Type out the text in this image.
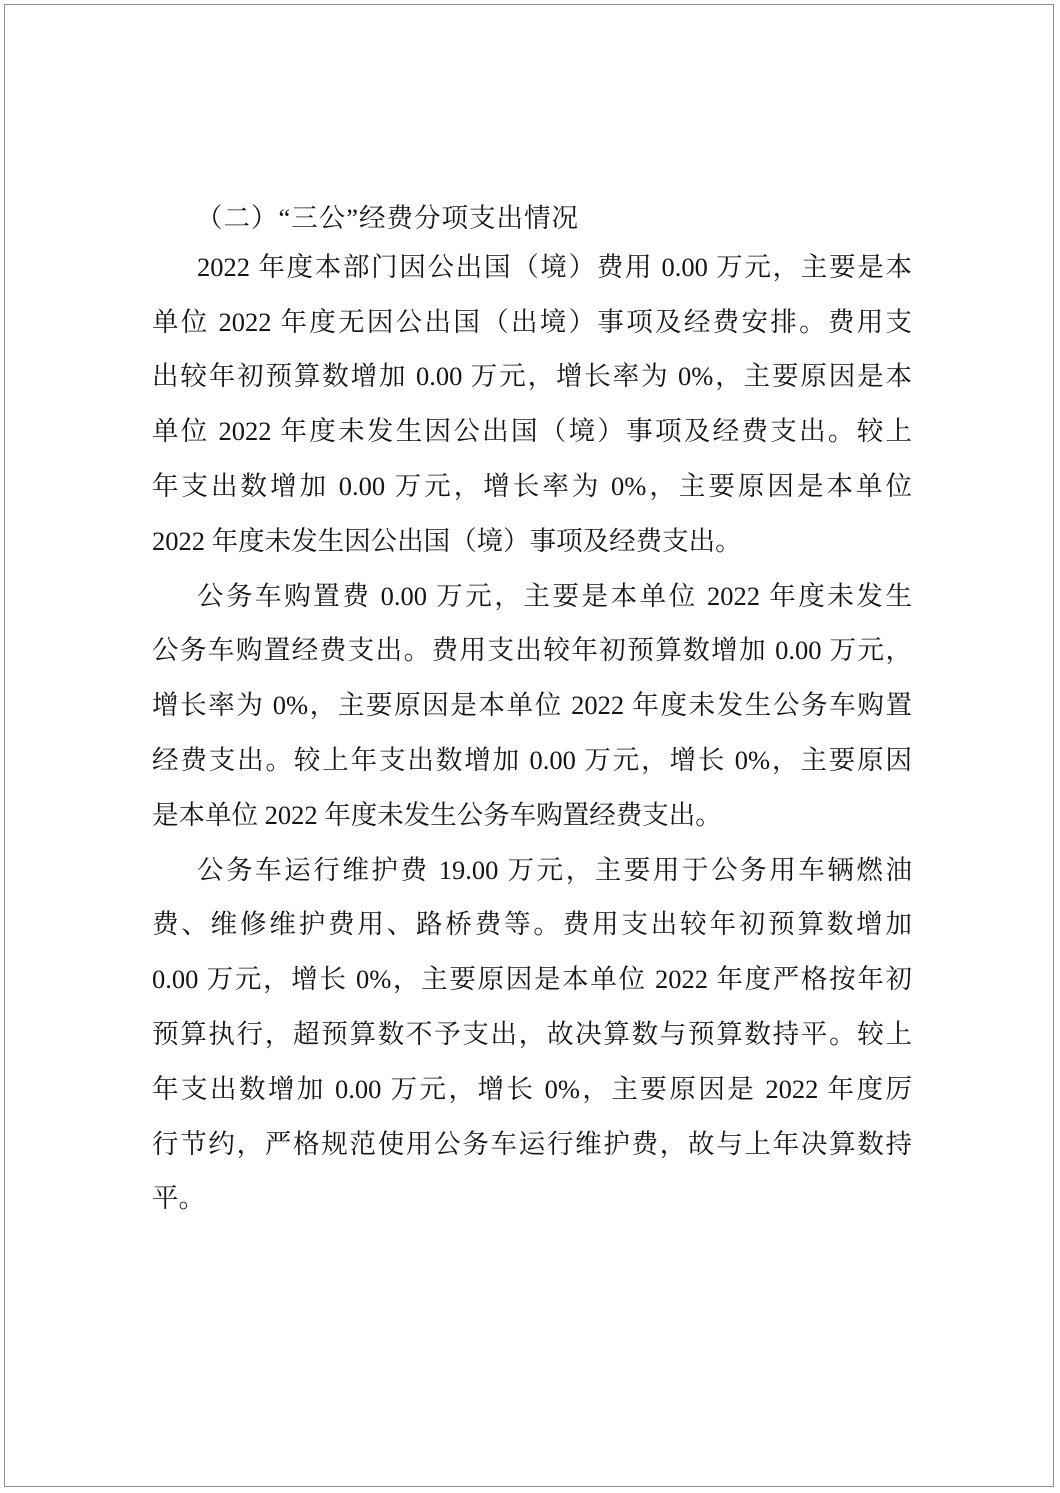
（二）“三公”经费分项支出情况
2022 年度本部门因公出国（境）费用 0.00 万元，主要是本
单位 2022 年度无因公出国（出境）事项及经费安排。费用支
出较年初预算数增加 0.00 万元，增长率为 0%，主要原因是本
单位 2022 年度未发生因公出国（境）事项及经费支出。较上
年支出数增加 0.00 万元，增长率为 0%，主要原因是本单位
2022 年度未发生因公出国（境）事项及经费支出。
公务车购置费 0.00 万元，主要是本单位 2022 年度未发生
公务车购置经费支出。费用支出较年初预算数增加 0.00 万元，
增长率为 0%，主要原因是本单位 2022 年度未发生公务车购置
经费支出。较上年支出数增加 0.00 万元，增长 0%，主要原因
是本单位 2022 年度未发生公务车购置经费支出。
公务车运行维护费 19.00 万元，主要用于公务用车辆燃油
费、维修维护费用、路桥费等。费用支出较年初预算数增加
0.00 万元，增长 0%，主要原因是本单位 2022 年度严格按年初
预算执行，超预算数不予支出，故决算数与预算数持平。较上
年支出数增加 0.00 万元，增长 0%，主要原因是 2022 年度厉
行节约，严格规范使用公务车运行维护费，故与上年决算数持
平。
